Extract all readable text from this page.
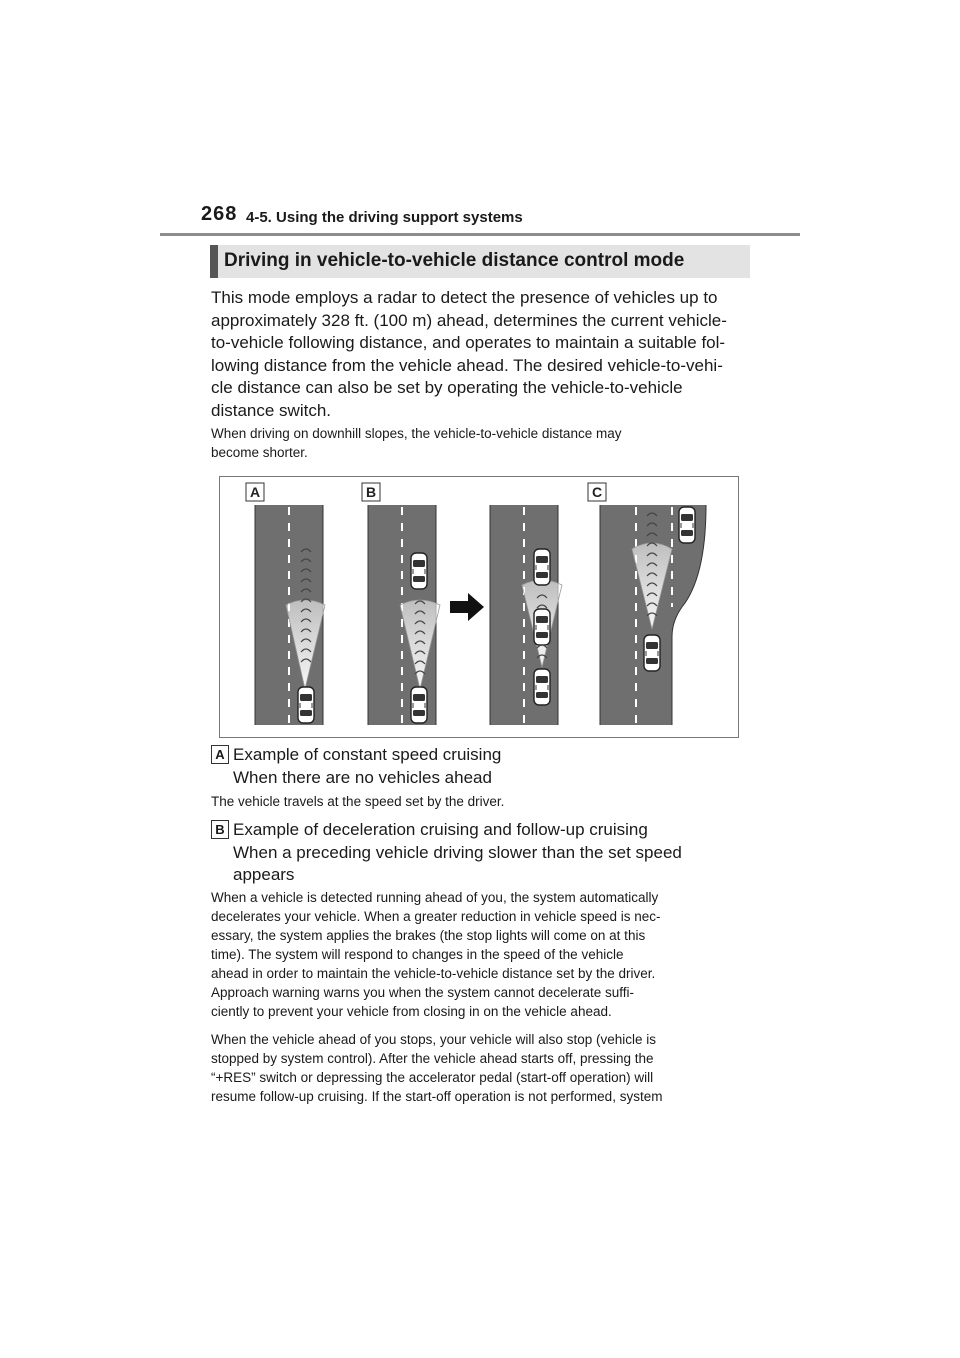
268 4-5. Using the driving support systems
Driving in vehicle-to-vehicle distance control mode
This mode employs a radar to detect the presence of vehicles up to
approximately 328 ft. (100 m) ahead, determines the current vehicle-
to-vehicle following distance, and operates to maintain a suitable fol-
lowing distance from the vehicle ahead. The desired vehicle-to-vehi-
cle distance can also be set by operating the vehicle-to-vehicle
distance switch.
When driving on downhill slopes, the vehicle-to-vehicle distance may
become shorter.
A	B	C
A Example of constant speed cruising
When there are no vehicles ahead
The vehicle travels at the speed set by the driver.
B Example of deceleration cruising and follow-up cruising
When a preceding vehicle driving slower than the set speed
appears
When a vehicle is detected running ahead of you, the system automatically
decelerates your vehicle. When a greater reduction in vehicle speed is nec-
essary, the system applies the brakes (the stop lights will come on at this
time). The system will respond to changes in the speed of the vehicle
ahead in order to maintain the vehicle-to-vehicle distance set by the driver.
Approach warning warns you when the system cannot decelerate suffi-
ciently to prevent your vehicle from closing in on the vehicle ahead.
When the vehicle ahead of you stops, your vehicle will also stop (vehicle is
stopped by system control). After the vehicle ahead starts off, pressing the
“+RES” switch or depressing the accelerator pedal (start-off operation) will
resume follow-up cruising. If the start-off operation is not performed, system
